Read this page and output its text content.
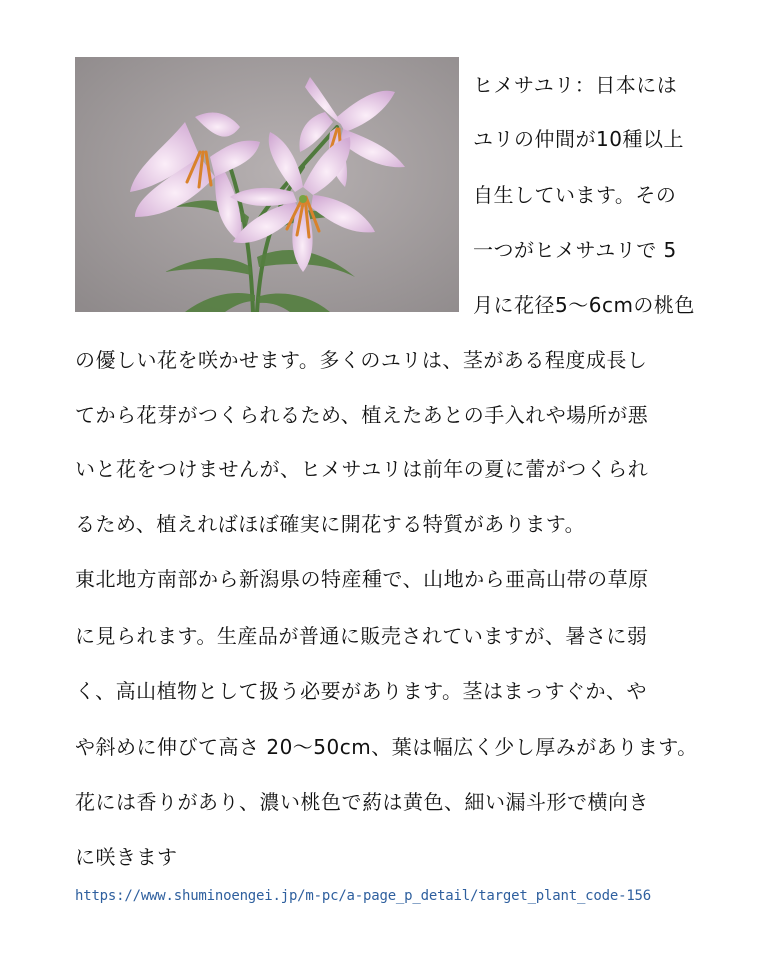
ヒメサユリ：日本には
ユリの仲間が10種以上
自生しています。その
一つがヒメサユリで 5
月に花径5～6cmの桃色
の優しい花を咲かせます。多くのユリは、茎がある程度成長し
てから花芽がつくられるため、植えたあとの手入れや場所が悪
いと花をつけませんが、ヒメサユリは前年の夏に蕾がつくられ
るため、植えればほぼ確実に開花する特質があります。
東北地方南部から新潟県の特産種で、山地から亜高山帯の草原
に見られます。生産品が普通に販売されていますが、暑さに弱
く、高山植物として扱う必要があります。茎はまっすぐか、や
や斜めに伸びて高さ 20～50cm、葉は幅広く少し厚みがあります。
花には香りがあり、濃い桃色で葯は黄色、細い漏斗形で横向き
に咲きます
https://www.shuminoengei.jp/m-pc/a-page_p_detail/target_plant_code-156
